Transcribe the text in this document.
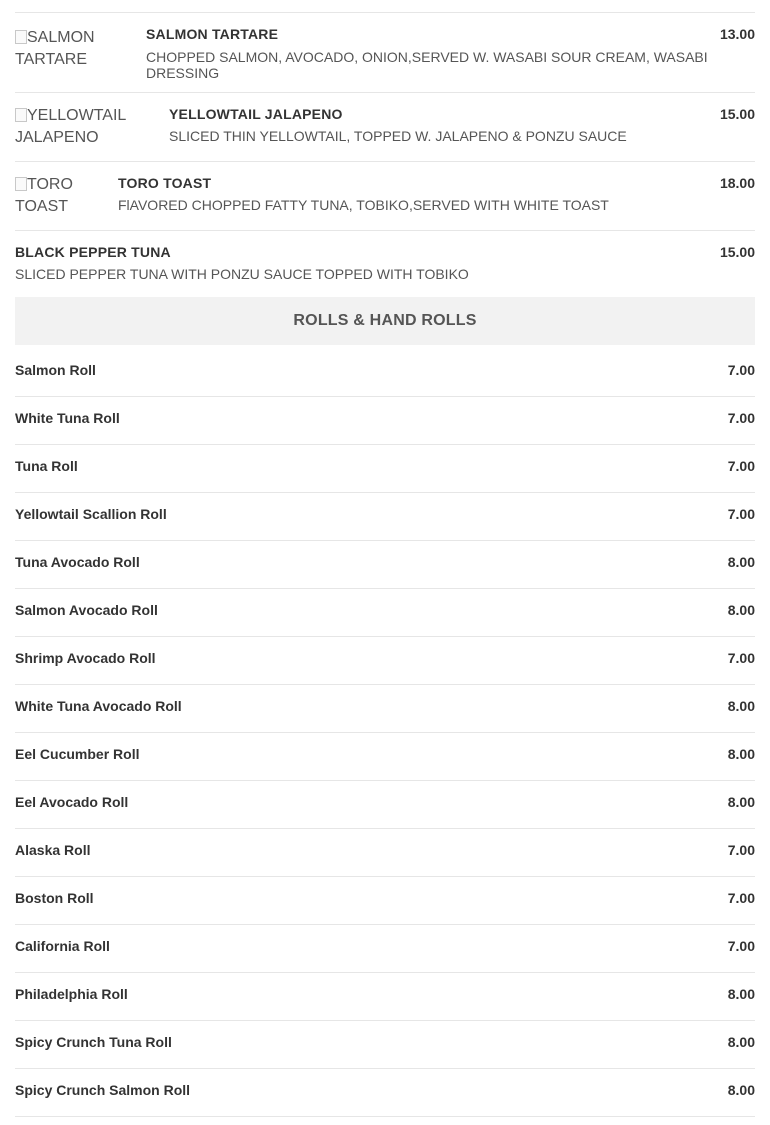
SALMON
TARTARE
SALMON TARTARE
CHOPPED SALMON, AVOCADO, ONION,SERVED W. WASABI SOUR CREAM, WASABI DRESSING
13.00
YELLOWTAIL
JALAPENO
YELLOWTAIL JALAPENO
SLICED THIN YELLOWTAIL, TOPPED W. JALAPENO & PONZU SAUCE
15.00
TORO
TOAST
TORO TOAST
FlAVORED CHOPPED FATTY TUNA, TOBIKO,SERVED WITH WHITE TOAST
18.00
BLACK PEPPER TUNA
SLICED PEPPER TUNA WITH PONZU SAUCE TOPPED WITH TOBIKO
15.00
ROLLS & HAND ROLLS
Salmon Roll	7.00
White Tuna Roll	7.00
Tuna Roll	7.00
Yellowtail Scallion Roll	7.00
Tuna Avocado Roll	8.00
Salmon Avocado Roll	8.00
Shrimp Avocado Roll	7.00
White Tuna Avocado Roll	8.00
Eel Cucumber Roll	8.00
Eel Avocado Roll	8.00
Alaska Roll	7.00
Boston Roll	7.00
California Roll	7.00
Philadelphia Roll	8.00
Spicy Crunch Tuna Roll	8.00
Spicy Crunch Salmon Roll	8.00
